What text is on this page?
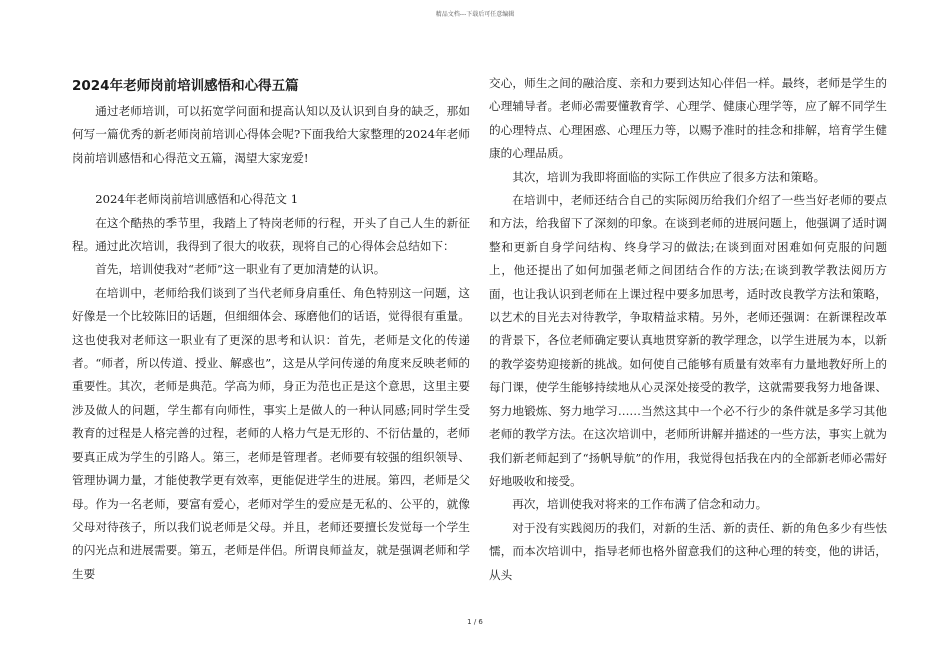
精品文档---下载后可任意编辑
2024年老师岗前培训感悟和心得五篇

通过老师培训，可以拓宽学问面和提高认知以及认识到自身的缺乏，那如何写一篇优秀的新老师岗前培训心得体会呢?下面我给大家整理的2024年老师岗前培训感悟和心得范文五篇，渴望大家宠爱!

2024年老师岗前培训感悟和心得范文 1

在这个酷热的季节里，我踏上了特岗老师的行程，开头了自己人生的新征程。通过此次培训，我得到了很大的收获，现将自己的心得体会总结如下：

首先，培训使我对“老师”这一职业有了更加清楚的认识。

在培训中，老师给我们谈到了当代老师身肩重任、角色特别这一问题，这好像是一个比较陈旧的话题，但细细体会、琢磨他们的话语，觉得很有重量。这也使我对老师这一职业有了更深的思考和认识：首先，老师是文化的传递者。“师者，所以传道、授业、解惑也”，这是从学问传递的角度来反映老师的重要性。其次，老师是典范。学高为师，身正为范也正是这个意思，这里主要涉及做人的问题，学生都有向师性，事实上是做人的一种认同感;同时学生受教育的过程是人格完善的过程，老师的人格力气是无形的、不衍估量的，老师要真正成为学生的引路人。第三，老师是管理者。老师要有较强的组织领导、管理协调力量，才能使教学更有效率，更能促进学生的进展。第四，老师是父母。作为一名老师，要富有爱心，老师对学生的爱应是无私的、公平的，就像父母对待孩子，所以我们说老师是父母。并且，老师还要擅长发觉每一个学生的闪光点和进展需要。第五，老师是伴侣。所谓良师益友，就是强调老师和学生要

交心，师生之间的融洽度、亲和力要到达知心伴侣一样。最终，老师是学生的心理辅导者。老师必需要懂教育学、心理学、健康心理学等，应了解不同学生的心理特点、心理困惑、心理压力等，以赐予准时的挂念和排解，培育学生健康的心理品质。

其次，培训为我即将面临的实际工作供应了很多方法和策略。

在培训中，老师还结合自己的实际阅历给我们介绍了一些当好老师的要点和方法，给我留下了深刻的印象。在谈到老师的进展问题上，他强调了适时调整和更新自身学问结构、终身学习的做法;在谈到面对困难如何克服的问题上，他还提出了如何加强老师之间团结合作的方法;在谈到教学教法阅历方面，也让我认识到老师在上课过程中要多加思考，适时改良教学方法和策略，以艺术的目光去对待教学，争取精益求精。另外，老师还强调：在新课程改革的背景下，各位老师确定要认真地贯穿新的教学理念，以学生进展为本，以新的教学姿势迎接新的挑战。如何使自己能够有质量有效率有力量地教好所上的每门课，使学生能够持续地从心灵深处接受的教学，这就需要我努力地备课、努力地锻炼、努力地学习……当然这其中一个必不行少的条件就是多学习其他老师的教学方法。在这次培训中，老师所讲解并描述的一些方法，事实上就为我们新老师起到了“扬帆导航”的作用，我觉得包括我在内的全部新老师必需好好地吸收和接受。

再次，培训使我对将来的工作布满了信念和动力。

对于没有实践阅历的我们，对新的生活、新的责任、新的角色多少有些怯懦，而本次培训中，指导老师也格外留意我们的这种心理的转变，他的讲话，从头

1 / 6
